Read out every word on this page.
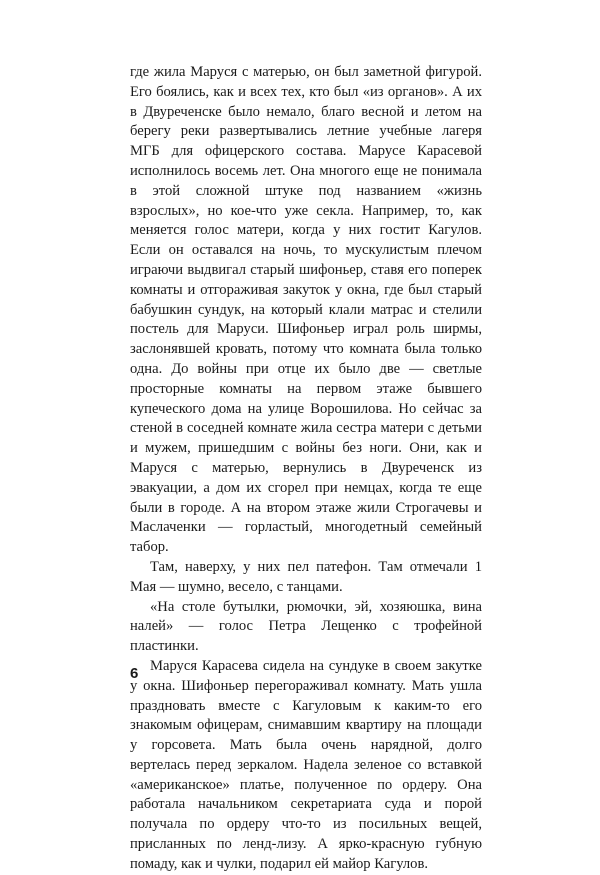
где жила Маруся с матерью, он был заметной фигурой. Его боялись, как и всех тех, кто был «из органов». А их в Двуреченске было немало, благо весной и летом на берегу реки развертывались летние учебные лагеря МГБ для офицерского состава. Марусе Карасевой исполнилось восемь лет. Она многого еще не понимала в этой сложной штуке под названием «жизнь взрослых», но кое-что уже секла. Например, то, как меняется голос матери, когда у них гостит Кагулов. Если он оставался на ночь, то мускулистым плечом играючи выдвигал старый шифоньер, ставя его поперек комнаты и отгораживая закуток у окна, где был старый бабушкин сундук, на который клали матрас и стелили постель для Маруси. Шифоньер играл роль ширмы, заслонявшей кровать, потому что комната была только одна. До войны при отце их было две — светлые просторные комнаты на первом этаже бывшего купеческого дома на улице Ворошилова. Но сейчас за стеной в соседней комнате жила сестра матери с детьми и мужем, пришедшим с войны без ноги. Они, как и Маруся с матерью, вернулись в Двуреченск из эвакуации, а дом их сгорел при немцах, когда те еще были в городе. А на втором этаже жили Строгачевы и Маслаченки — горластый, многодетный семейный табор.

Там, наверху, у них пел патефон. Там отмечали 1 Мая — шумно, весело, с танцами.

«На столе бутылки, рюмочки, эй, хозяюшка, вина налей» — голос Петра Лещенко с трофейной пластинки.

Маруся Карасева сидела на сундуке в своем закутке у окна. Шифоньер перегораживал комнату. Мать ушла праздновать вместе с Кагуловым к каким-то его знакомым офицерам, снимавшим квартиру на площади у горсовета. Мать была очень нарядной, долго вертелась перед зеркалом. Надела зеленое со вставкой «американское» платье, полученное по ордеру. Она работала начальником секретариата суда и порой получала по ордеру что-то из посильных вещей, присланных по ленд-лизу. А ярко-красную губную помаду, как и чулки, подарил ей майор Кагулов.

6
